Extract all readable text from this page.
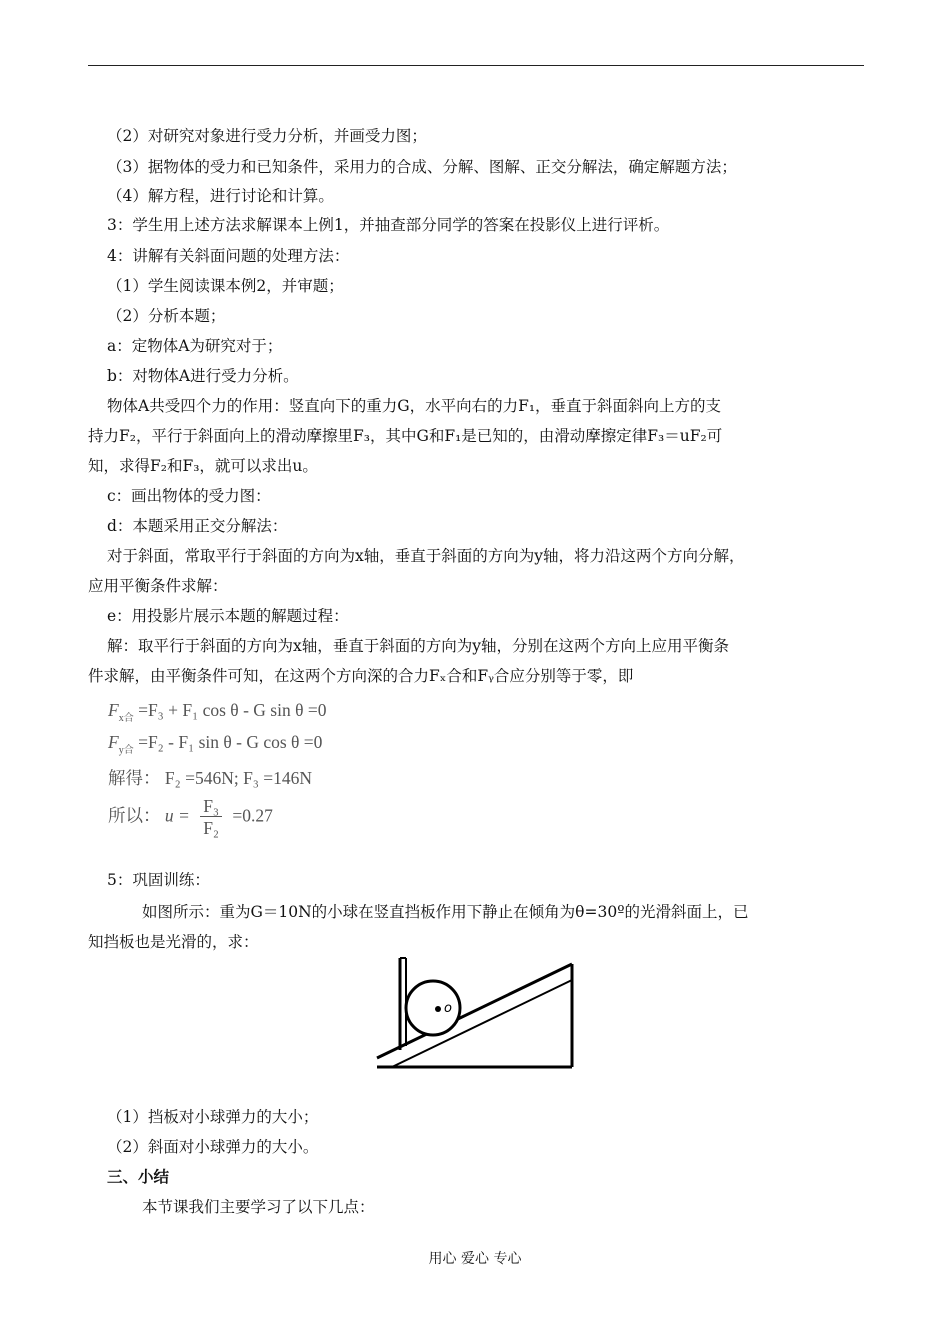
（2）对研究对象进行受力分析，并画受力图；
（3）据物体的受力和已知条件，采用力的合成、分解、图解、正交分解法，确定解题方法；
（4）解方程，进行讨论和计算。
3：学生用上述方法求解课本上例1，并抽查部分同学的答案在投影仪上进行评析。
4：讲解有关斜面问题的处理方法：
（1）学生阅读课本例2，并审题；
（2）分析本题；
a：定物体A为研究对于；
b：对物体A进行受力分析。
物体A共受四个力的作用：竖直向下的重力G，水平向右的力F₁，垂直于斜面斜向上方的支
持力F₂，平行于斜面向上的滑动摩擦里F₃，其中G和F₁是已知的，由滑动摩擦定律F₃＝uF₂可
知，求得F₂和F₃，就可以求出u。
c：画出物体的受力图：
d：本题采用正交分解法：
对于斜面，常取平行于斜面的方向为x轴，垂直于斜面的方向为y轴，将力沿这两个方向分解，
应用平衡条件求解：
e：用投影片展示本题的解题过程：
解：取平行于斜面的方向为x轴，垂直于斜面的方向为y轴，分别在这两个方向上应用平衡条
件求解，由平衡条件可知，在这两个方向深的合力Fₓ合和Fᵧ合应分别等于零，即
$F_{x合} =F_3 + F_1$ cos θ - G sin θ =0
$F_{y合} =F_2 - F_1$ sin θ - G cos θ =0
解得： F₂ =546N; F₃ =146N
所以： $u = \frac{\text{F₃}}{\text{F₂}} =0.27$
5：巩固训练：
如图所示：重为G＝10N的小球在竖直挡板作用下静止在倾角为θ=30º的光滑斜面上，已
知挡板也是光滑的，求：
o
（1）挡板对小球弹力的大小；
（2）斜面对小球弹力的大小。
三、小结
本节课我们主要学习了以下几点：
用心 爱心 专心
